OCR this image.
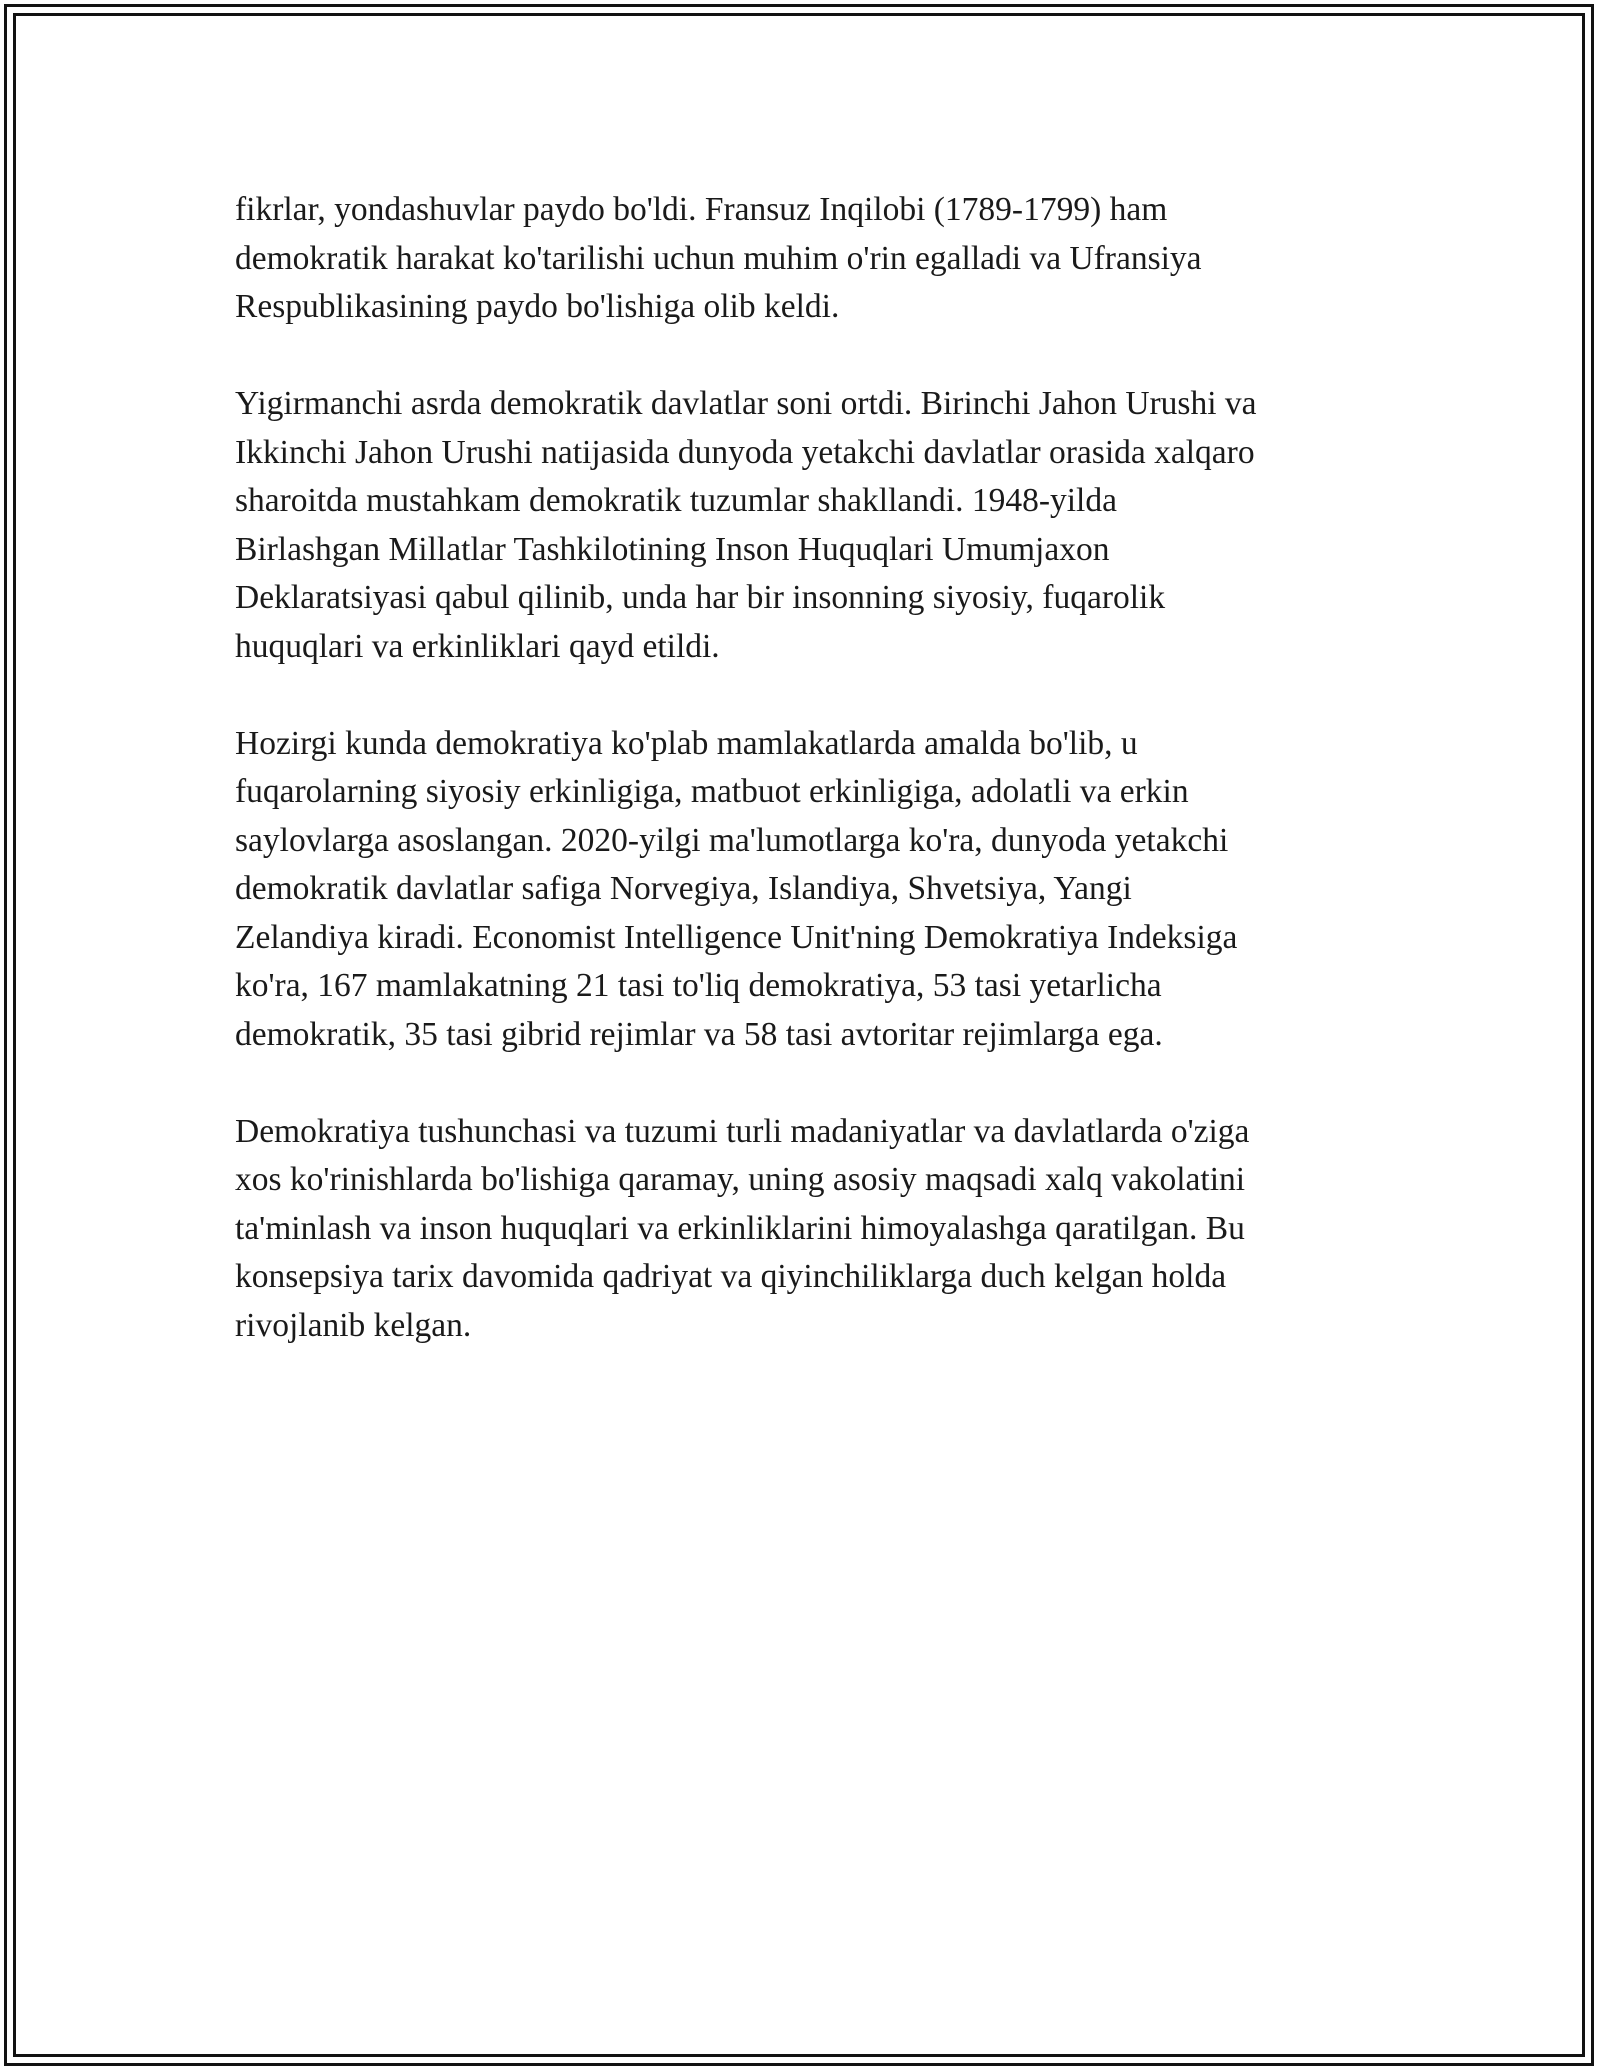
fikrlar, yondashuvlar paydo bo'ldi. Fransuz Inqilobi (1789-1799) ham
demokratik harakat ko'tarilishi uchun muhim o'rin egalladi va Ufransiya
Respublikasining paydo bo'lishiga olib keldi.

Yigirmanchi asrda demokratik davlatlar soni ortdi. Birinchi Jahon Urushi va
Ikkinchi Jahon Urushi natijasida dunyoda yetakchi davlatlar orasida xalqaro
sharoitda mustahkam demokratik tuzumlar shakllandi. 1948-yilda
Birlashgan Millatlar Tashkilotining Inson Huquqlari Umumjaxon
Deklaratsiyasi qabul qilinib, unda har bir insonning siyosiy, fuqarolik
huquqlari va erkinliklari qayd etildi.

Hozirgi kunda demokratiya ko'plab mamlakatlarda amalda bo'lib, u
fuqarolarning siyosiy erkinligiga, matbuot erkinligiga, adolatli va erkin
saylovlarga asoslangan. 2020-yilgi ma'lumotlarga ko'ra, dunyoda yetakchi
demokratik davlatlar safiga Norvegiya, Islandiya, Shvetsiya, Yangi
Zelandiya kiradi. Economist Intelligence Unit'ning Demokratiya Indeksiga
ko'ra, 167 mamlakatning 21 tasi to'liq demokratiya, 53 tasi yetarlicha
demokratik, 35 tasi gibrid rejimlar va 58 tasi avtoritar rejimlarga ega.

Demokratiya tushunchasi va tuzumi turli madaniyatlar va davlatlarda o'ziga
xos ko'rinishlarda bo'lishiga qaramay, uning asosiy maqsadi xalq vakolatini
ta'minlash va inson huquqlari va erkinliklarini himoyalashga qaratilgan. Bu
konsepsiya tarix davomida qadriyat va qiyinchiliklarga duch kelgan holda
rivojlanib kelgan.
